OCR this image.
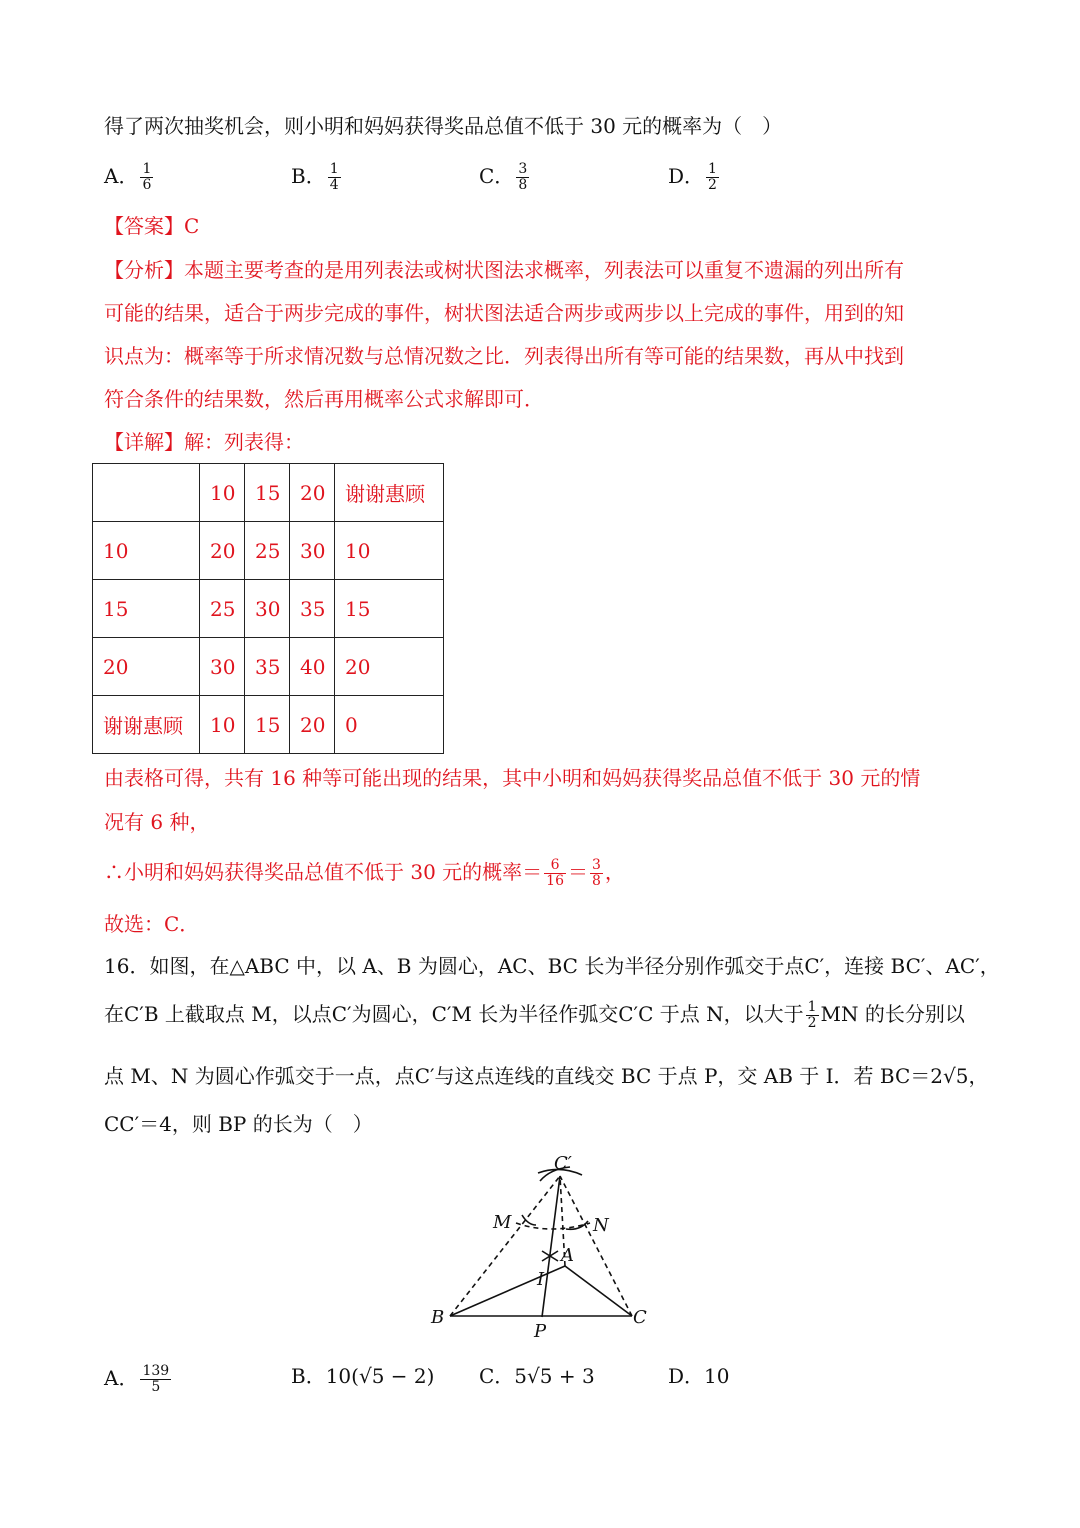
得了两次抽奖机会，则小明和妈妈获得奖品总值不低于 30 元的概率为（　）
A． $\frac{1}{6}$	B． $\frac{1}{4}$	C． $\frac{3}{8}$	D． $\frac{1}{2}$
【答案】C
【分析】本题主要考查的是用列表法或树状图法求概率，列表法可以重复不遗漏的列出所有
可能的结果，适合于两步完成的事件，树状图法适合两步或两步以上完成的事件，用到的知
识点为：概率等于所求情况数与总情况数之比．列表得出所有等可能的结果数，再从中找到
符合条件的结果数，然后再用概率公式求解即可．
【详解】解：列表得：
	10	15	20	谢谢惠顾
10	20	25	30	10
15	25	30	35	15
20	30	35	40	20
谢谢惠顾	10	15	20	0
由表格可得，共有 16 种等可能出现的结果，其中小明和妈妈获得奖品总值不低于 30 元的情
况有 6 种，
∴小明和妈妈获得奖品总值不低于 30 元的概率＝ $\frac{6}{16} = \frac{3}{8}$ ，
故选：C．
16．如图，在△ABC 中，以 A、B 为圆心，AC、BC 长为半径分别作弧交于点C′，连接 BC′、AC′，
在C′B 上截取点 M，以点C′为圆心，C′M 长为半径作弧交C′C 于点 N，以大于 $\frac{1}{2}$ MN 的长分别以
点 M、N 为圆心作弧交于一点，点C′与这点连线的直线交 BC 于点 P，交 AB 于 I．若 BC＝2√5，
CC′＝4，则 BP 的长为（　）
C′
M	N
A
I
B	C
P
A． $\frac{139}{5}$	B．10(√5 − 2) C．5√5 + 3	D．10
